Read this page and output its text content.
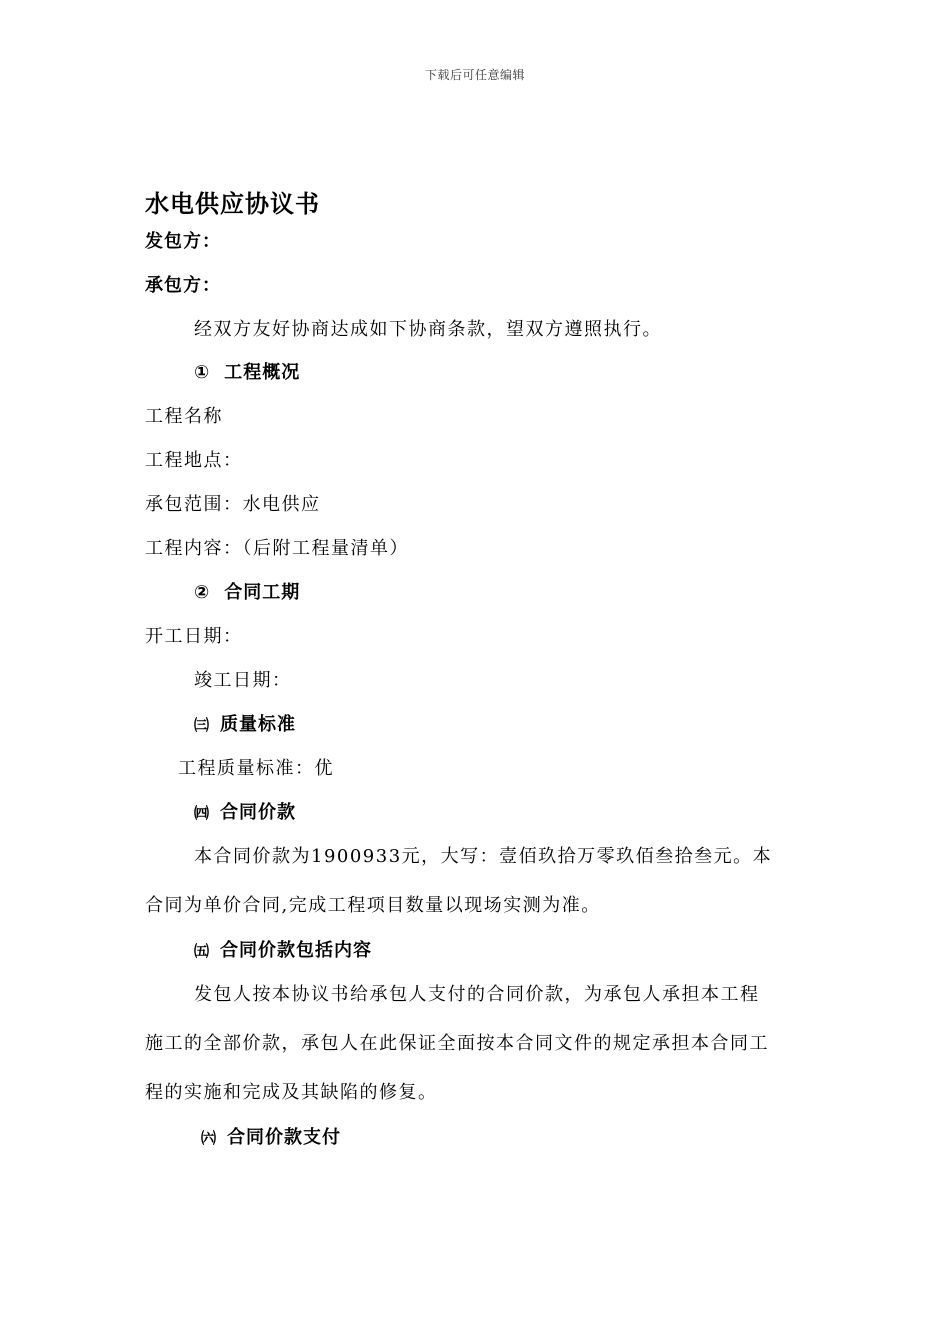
下载后可任意编辑
水电供应协议书
发包方：
承包方：
经双方友好协商达成如下协商条款，望双方遵照执行。
① 工程概况
工程名称
工程地点：
承包范围：水电供应
工程内容：（后附工程量清单）
② 合同工期
开工日期：
竣工日期：
㈢ 质量标准
工程质量标准：优
㈣ 合同价款
本合同价款为1900933元，大写：壹佰玖拾万零玖佰叁拾叁元。本
合同为单价合同,完成工程项目数量以现场实测为准。
㈤ 合同价款包括内容
发包人按本协议书给承包人支付的合同价款，为承包人承担本工程
施工的全部价款，承包人在此保证全面按本合同文件的规定承担本合同工
程的实施和完成及其缺陷的修复。
㈥ 合同价款支付
